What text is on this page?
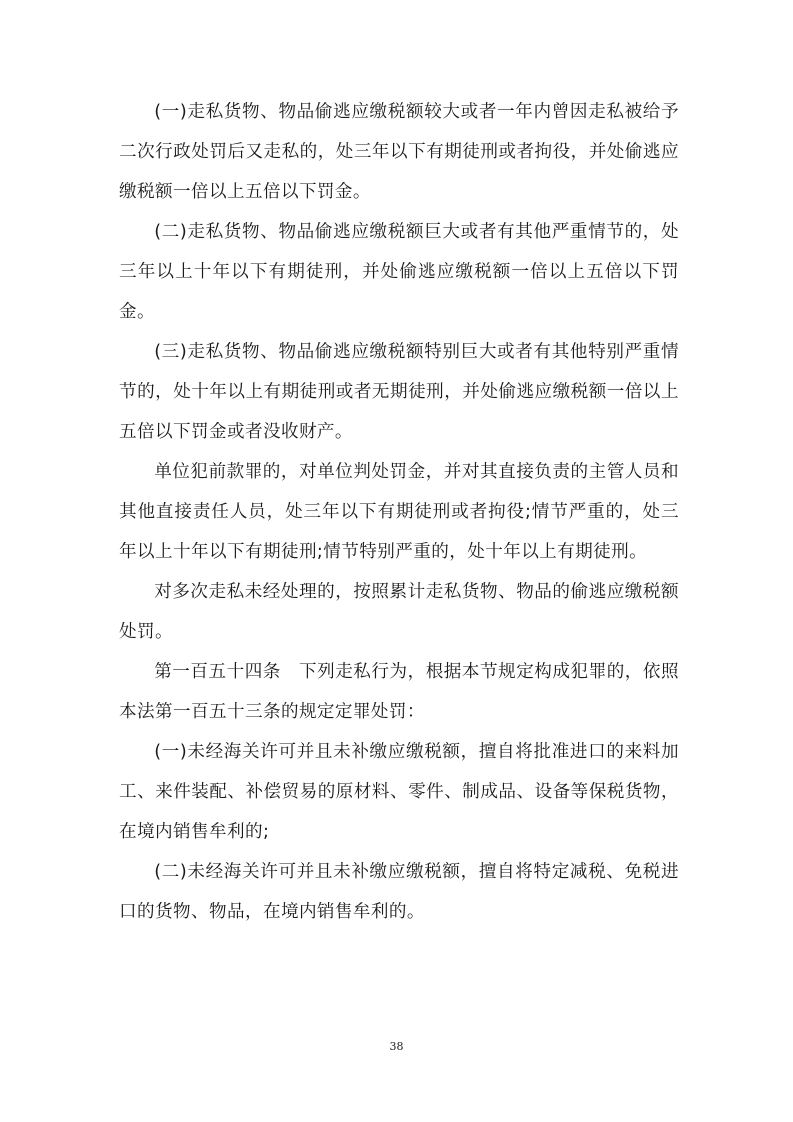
(一)走私货物、物品偷逃应缴税额较大或者一年内曾因走私被给予二次行政处罚后又走私的，处三年以下有期徒刑或者拘役，并处偷逃应缴税额一倍以上五倍以下罚金。

(二)走私货物、物品偷逃应缴税额巨大或者有其他严重情节的，处三年以上十年以下有期徒刑，并处偷逃应缴税额一倍以上五倍以下罚金。

(三)走私货物、物品偷逃应缴税额特别巨大或者有其他特别严重情节的，处十年以上有期徒刑或者无期徒刑，并处偷逃应缴税额一倍以上五倍以下罚金或者没收财产。

单位犯前款罪的，对单位判处罚金，并对其直接负责的主管人员和其他直接责任人员，处三年以下有期徒刑或者拘役;情节严重的，处三年以上十年以下有期徒刑;情节特别严重的，处十年以上有期徒刑。

对多次走私未经处理的，按照累计走私货物、物品的偷逃应缴税额处罚。

第一百五十四条　下列走私行为，根据本节规定构成犯罪的，依照本法第一百五十三条的规定定罪处罚：

(一)未经海关许可并且未补缴应缴税额，擅自将批准进口的来料加工、来件装配、补偿贸易的原材料、零件、制成品、设备等保税货物，在境内销售牟利的;

(二)未经海关许可并且未补缴应缴税额，擅自将特定减税、免税进口的货物、物品，在境内销售牟利的。

38
